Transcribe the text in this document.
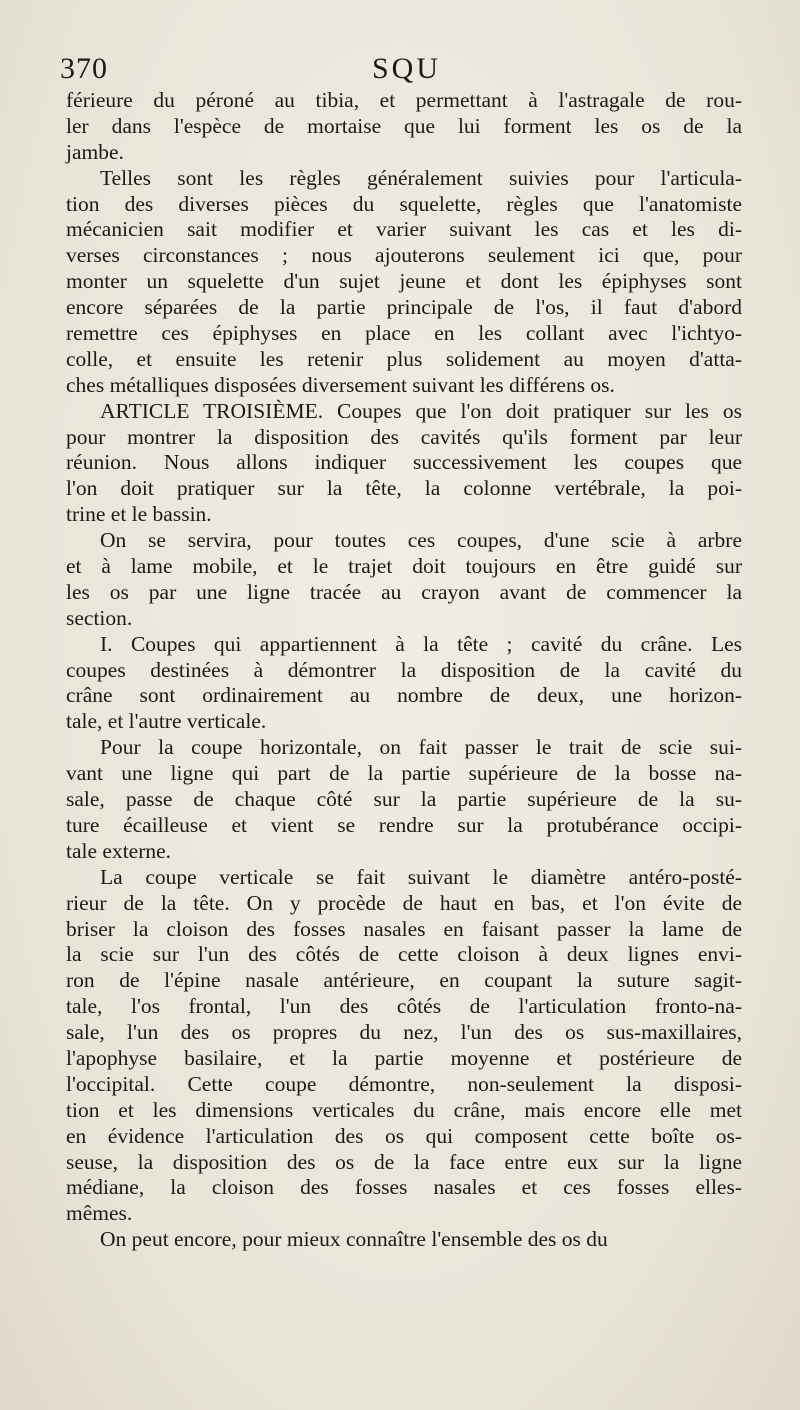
370	SQU
férieure du péroné au tibia, et permettant à l'astragale de rou-
ler dans l'espèce de mortaise que lui forment les os de la
jambe.
Telles sont les règles généralement suivies pour l'articula-
tion des diverses pièces du squelette, règles que l'anatomiste
mécanicien sait modifier et varier suivant les cas et les di-
verses circonstances ; nous ajouterons seulement ici que, pour
monter un squelette d'un sujet jeune et dont les épiphyses sont
encore séparées de la partie principale de l'os, il faut d'abord
remettre ces épiphyses en place en les collant avec l'ichtyo-
colle, et ensuite les retenir plus solidement au moyen d'atta-
ches métalliques disposées diversement suivant les différens os.
ARTICLE TROISIÈME. Coupes que l'on doit pratiquer sur les os
pour montrer la disposition des cavités qu'ils forment par leur
réunion. Nous allons indiquer successivement les coupes que
l'on doit pratiquer sur la tête, la colonne vertébrale, la poi-
trine et le bassin.
On se servira, pour toutes ces coupes, d'une scie à arbre
et à lame mobile, et le trajet doit toujours en être guidé sur
les os par une ligne tracée au crayon avant de commencer la
section.
I. Coupes qui appartiennent à la tête ; cavité du crâne. Les
coupes destinées à démontrer la disposition de la cavité du
crâne sont ordinairement au nombre de deux, une horizon-
tale, et l'autre verticale.
Pour la coupe horizontale, on fait passer le trait de scie sui-
vant une ligne qui part de la partie supérieure de la bosse na-
sale, passe de chaque côté sur la partie supérieure de la su-
ture écailleuse et vient se rendre sur la protubérance occipi-
tale externe.
La coupe verticale se fait suivant le diamètre antéro-posté-
rieur de la tête. On y procède de haut en bas, et l'on évite de
briser la cloison des fosses nasales en faisant passer la lame de
la scie sur l'un des côtés de cette cloison à deux lignes envi-
ron de l'épine nasale antérieure, en coupant la suture sagit-
tale, l'os frontal, l'un des côtés de l'articulation fronto-na-
sale, l'un des os propres du nez, l'un des os sus-maxillaires,
l'apophyse basilaire, et la partie moyenne et postérieure de
l'occipital. Cette coupe démontre, non-seulement la disposi-
tion et les dimensions verticales du crâne, mais encore elle met
en évidence l'articulation des os qui composent cette boîte os-
seuse, la disposition des os de la face entre eux sur la ligne
médiane, la cloison des fosses nasales et ces fosses elles-
mêmes.
On peut encore, pour mieux connaître l'ensemble des os du
